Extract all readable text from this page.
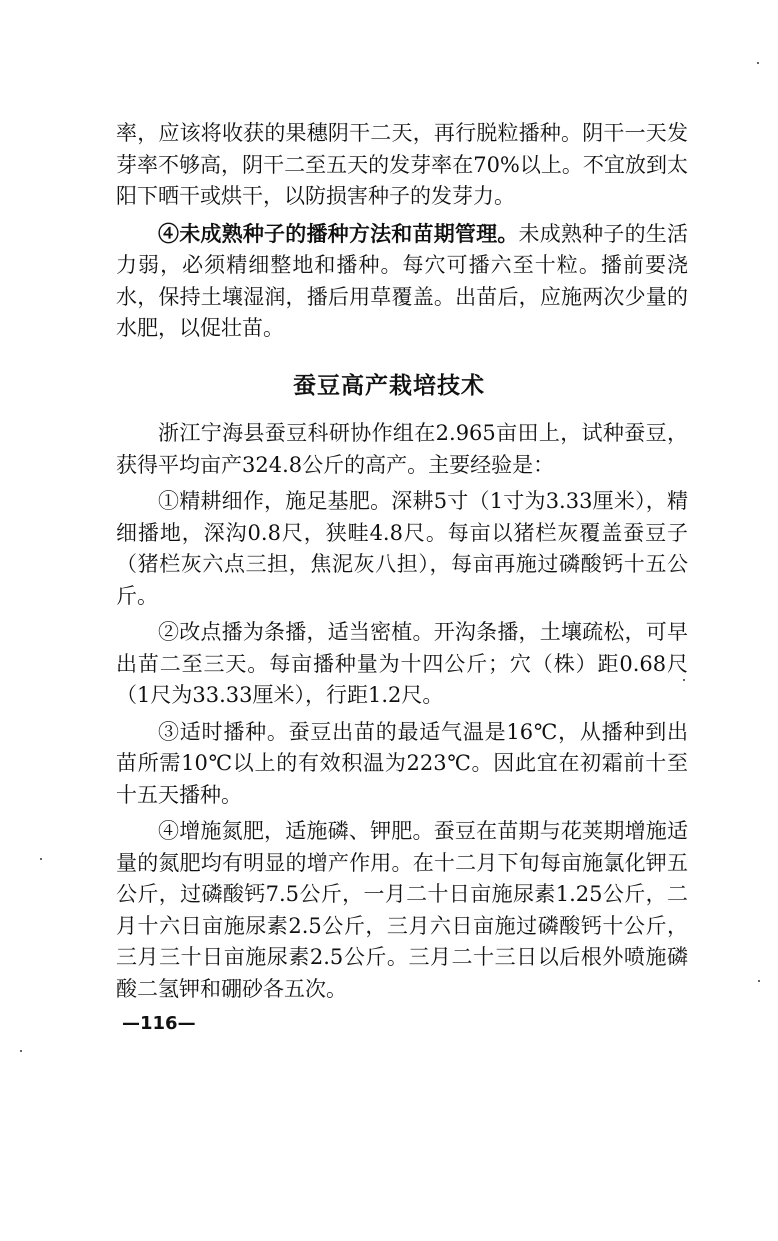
率，应该将收获的果穗阴干二天，再行脱粒播种。阴干一天发芽率不够高，阴干二至五天的发芽率在70%以上。不宜放到太阳下晒干或烘干，以防损害种子的发芽力。

④未成熟种子的播种方法和苗期管理。未成熟种子的生活力弱，必须精细整地和播种。每穴可播六至十粒。播前要浇水，保持土壤湿润，播后用草覆盖。出苗后，应施两次少量的水肥，以促壮苗。

蚕豆高产栽培技术

浙江宁海县蚕豆科研协作组在2.965亩田上，试种蚕豆，获得平均亩产324.8公斤的高产。主要经验是：

①精耕细作，施足基肥。深耕5寸（1寸为3.33厘米），精细播地，深沟0.8尺，狭畦4.8尺。每亩以猪栏灰覆盖蚕豆子（猪栏灰六点三担，焦泥灰八担），每亩再施过磷酸钙十五公斤。

②改点播为条播，适当密植。开沟条播，土壤疏松，可早出苗二至三天。每亩播种量为十四公斤；穴（株）距0.68尺（1尺为33.33厘米），行距1.2尺。

③适时播种。蚕豆出苗的最适气温是16℃，从播种到出苗所需10℃以上的有效积温为223℃。因此宜在初霜前十至十五天播种。

④增施氮肥，适施磷、钾肥。蚕豆在苗期与花荚期增施适量的氮肥均有明显的增产作用。在十二月下旬每亩施氯化钾五公斤，过磷酸钙7.5公斤，一月二十日亩施尿素1.25公斤，二月十六日亩施尿素2.5公斤，三月六日亩施过磷酸钙十公斤，三月三十日亩施尿素2.5公斤。三月二十三日以后根外喷施磷酸二氢钾和硼砂各五次。

—116—
